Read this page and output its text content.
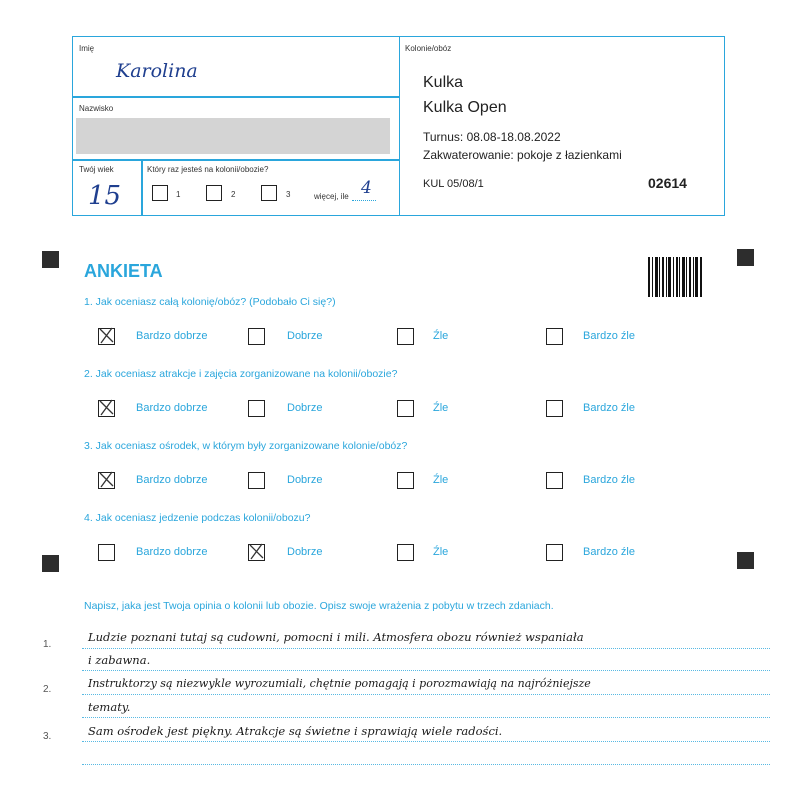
Imię
Karolina
Nazwisko
Twój wiek
15
Który raz jesteś na kolonii/obozie?
1	2	3	więcej, ile 4
Kolonie/obóz
Kulka
Kulka Open
Turnus: 08.08-18.08.2022
Zakwaterowanie: pokoje z łazienkami
KUL 05/08/1	02614
ANKIETA
1. Jak oceniasz całą kolonię/obóz? (Podobało Ci się?)
Bardzo dobrze	Dobrze	Źle	Bardzo źle
2. Jak oceniasz atrakcje i zajęcia zorganizowane na kolonii/obozie?
Bardzo dobrze	Dobrze	Źle	Bardzo źle
3. Jak oceniasz ośrodek, w którym były zorganizowane kolonie/obóz?
Bardzo dobrze	Dobrze	Źle	Bardzo źle
4. Jak oceniasz jedzenie podczas kolonii/obozu?
Bardzo dobrze	Dobrze	Źle	Bardzo źle
Napisz, jaka jest Twoja opinia o kolonii lub obozie. Opisz swoje wrażenia z pobytu w trzech zdaniach.
1.
2.
3.
Ludzie poznani tutaj są cudowni, pomocni i mili. Atmosfera obozu również wspaniała
i zabawna.
Instruktorzy są niezwykle wyrozumiali, chętnie pomagają i porozmawiają na najróżniejsze
tematy.
Sam ośrodek jest piękny. Atrakcje są świetne i sprawiają wiele radości.
